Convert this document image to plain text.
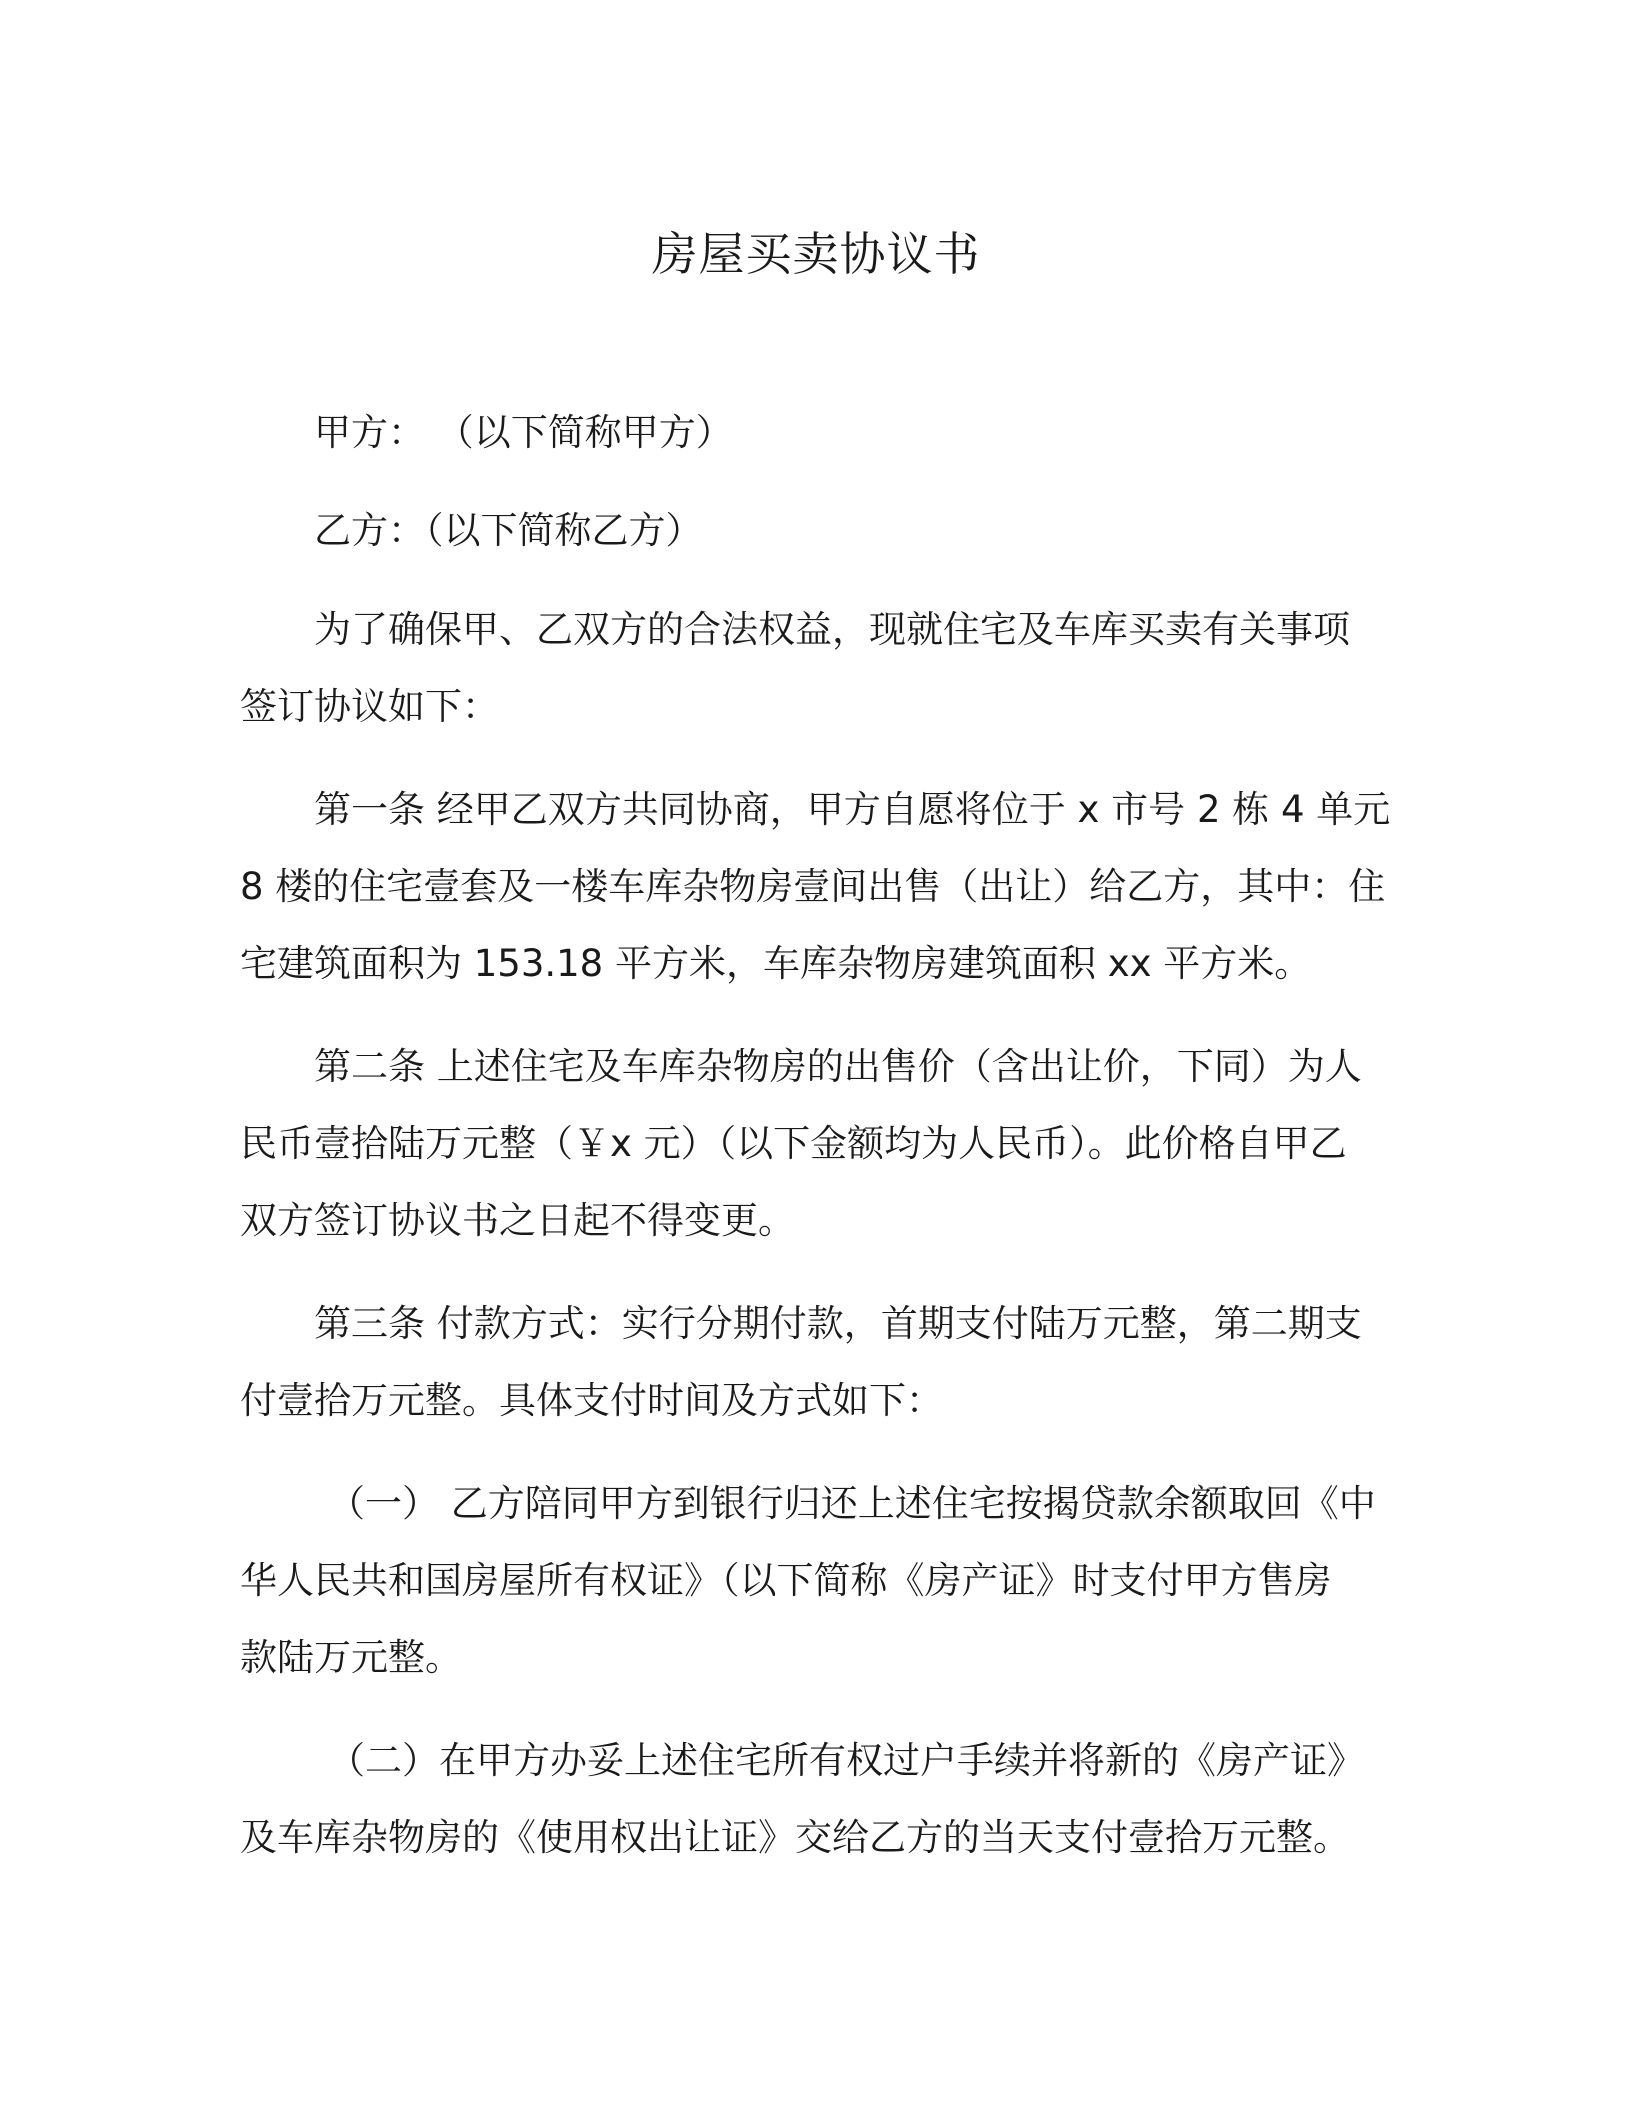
房屋买卖协议书

甲方： （以下简称甲方）

乙方：（以下简称乙方）

为了确保甲、乙双方的合法权益，现就住宅及车库买卖有关事项
签订协议如下：

第一条 经甲乙双方共同协商，甲方自愿将位于 x 市号 2 栋 4 单元
8 楼的住宅壹套及一楼车库杂物房壹间出售（出让）给乙方，其中：住
宅建筑面积为 153.18 平方米，车库杂物房建筑面积 xx 平方米。

第二条 上述住宅及车库杂物房的出售价（含出让价，下同）为人
民币壹拾陆万元整（￥x 元）（以下金额均为人民币）。此价格自甲乙
双方签订协议书之日起不得变更。

第三条 付款方式：实行分期付款，首期支付陆万元整，第二期支
付壹拾万元整。具体支付时间及方式如下：

（一） 乙方陪同甲方到银行归还上述住宅按揭贷款余额取回《中
华人民共和国房屋所有权证》（以下简称《房产证》时支付甲方售房
款陆万元整。

（二）在甲方办妥上述住宅所有权过户手续并将新的《房产证》
及车库杂物房的《使用权出让证》交给乙方的当天支付壹拾万元整。
